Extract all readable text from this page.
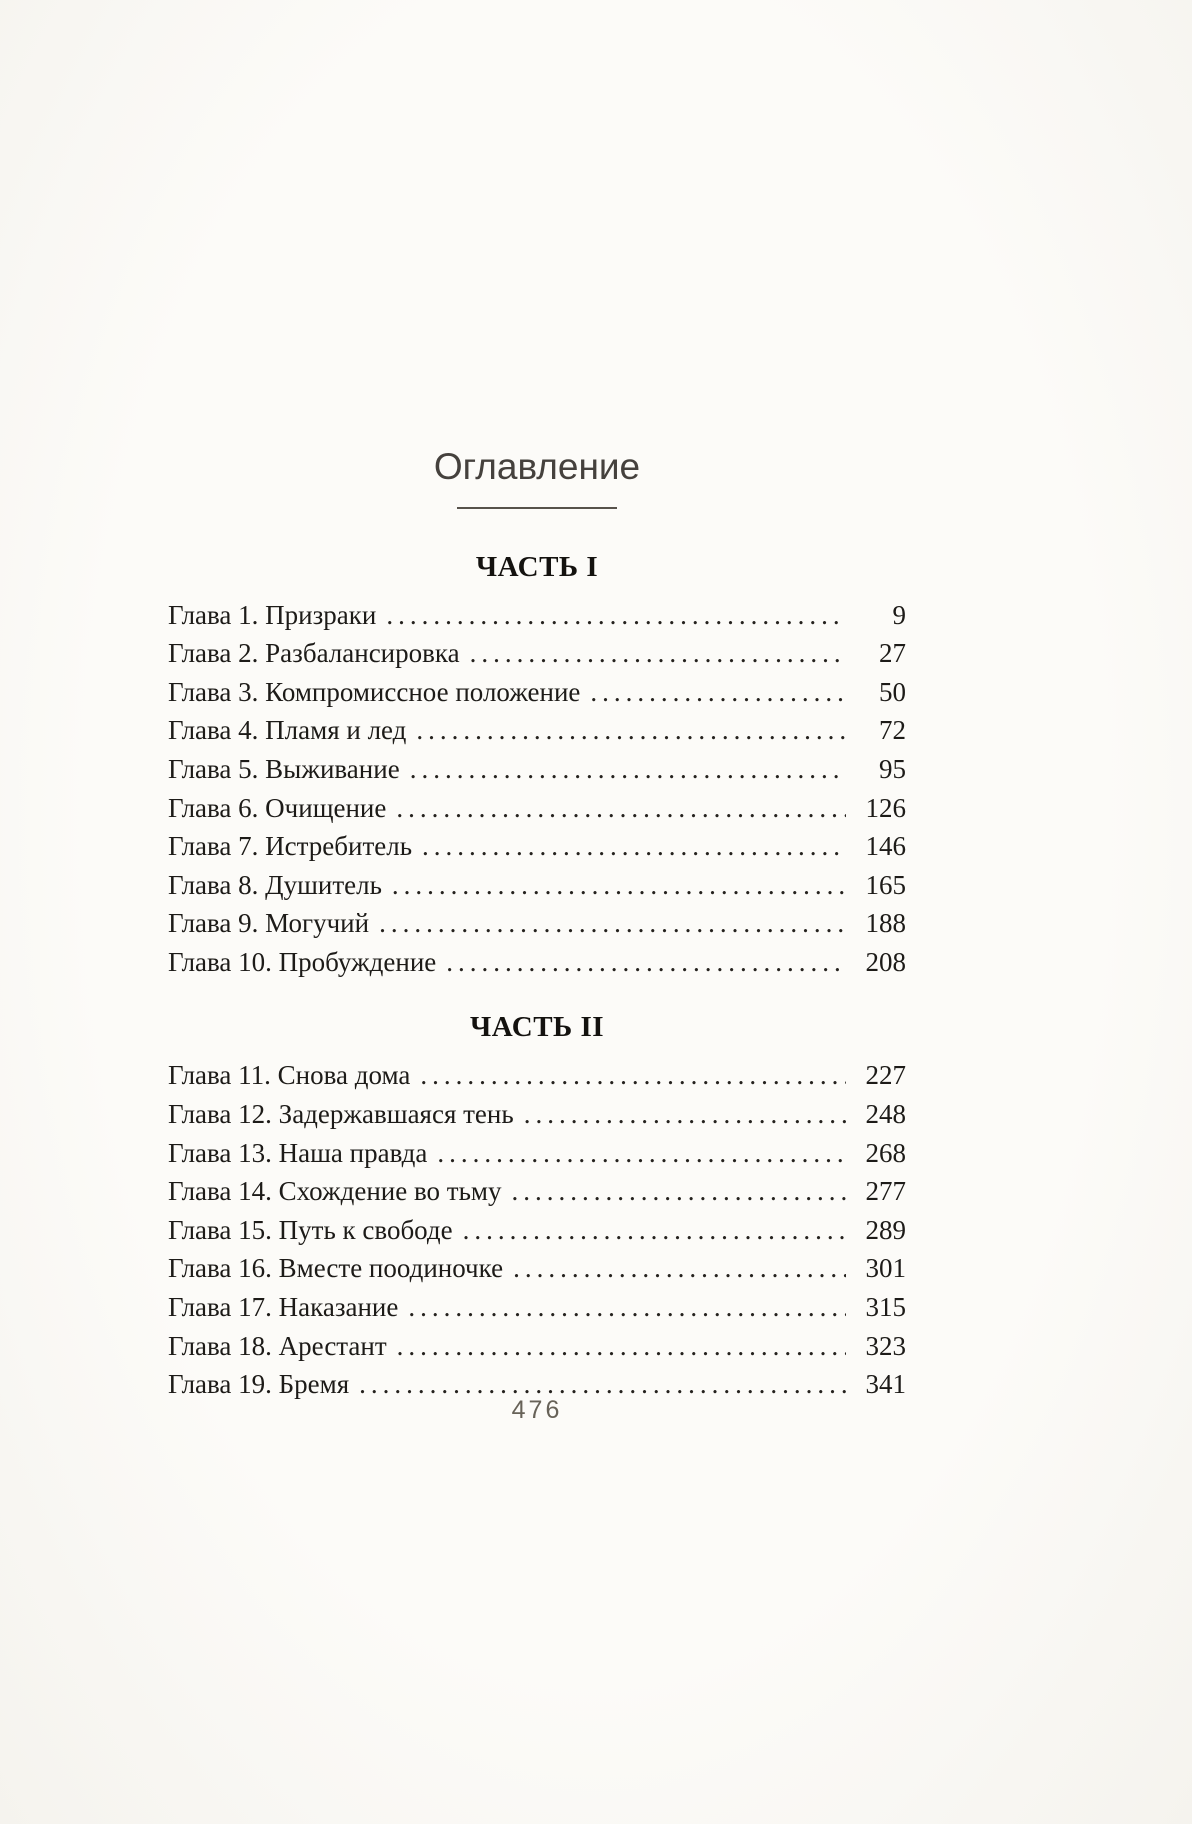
Оглавление
ЧАСТЬ I
Глава 1. Призраки .....	9
Глава 2. Разбалансировка .....	27
Глава 3. Компромиссное положение .....	50
Глава 4. Пламя и лед .....	72
Глава 5. Выживание .....	95
Глава 6. Очищение .....	126
Глава 7. Истребитель .....	146
Глава 8. Душитель .....	165
Глава 9. Могучий .....	188
Глава 10. Пробуждение .....	208
ЧАСТЬ II
Глава 11. Снова дома .....	227
Глава 12. Задержавшаяся тень .....	248
Глава 13. Наша правда .....	268
Глава 14. Схождение во тьму .....	277
Глава 15. Путь к свободе .....	289
Глава 16. Вместе поодиночке .....	301
Глава 17. Наказание .....	315
Глава 18. Арестант .....	323
Глава 19. Бремя .....	341
476
